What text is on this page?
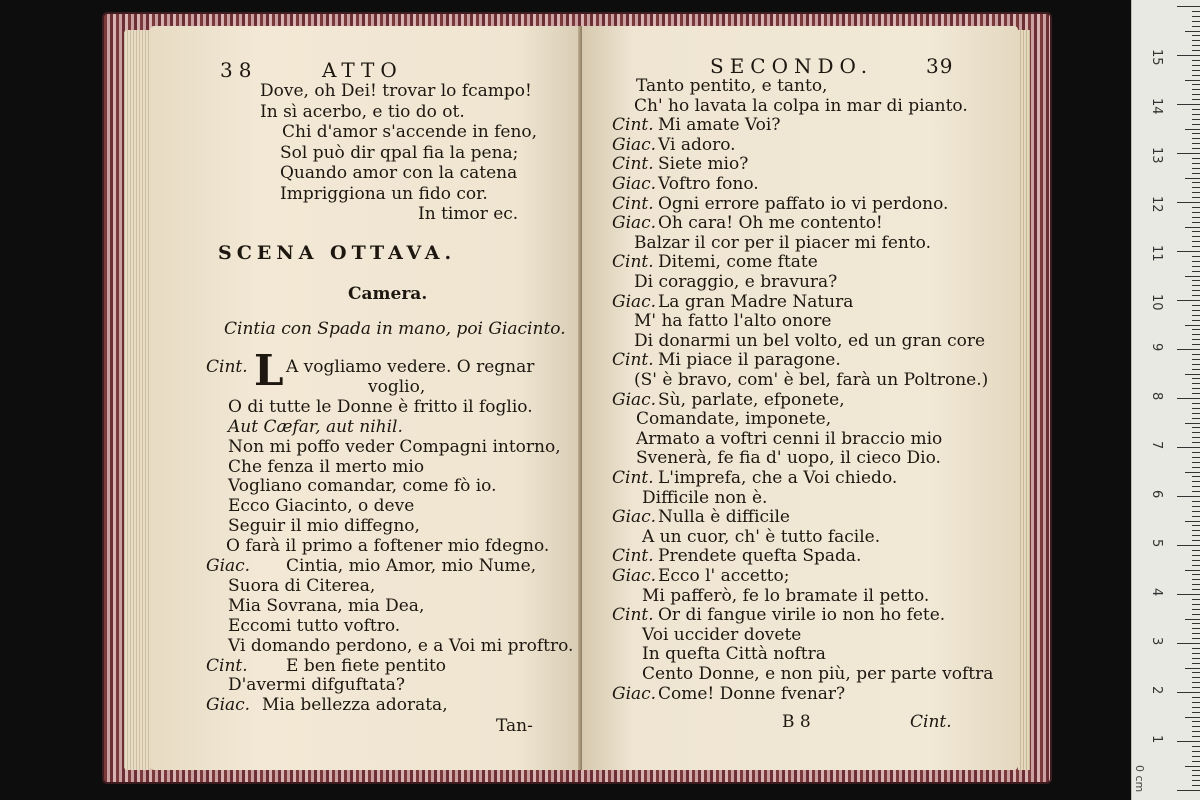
38	ATTO
Dove, oh Dei! trovar lo fcampo!
In sì acerbo, e tio do ot.
Chi d'amor s'accende in feno,
Sol può dir qpal fia la pena;
Quando amor con la catena
Impriggiona un fido cor.
In timor ec.
SCENA OTTAVA.
Camera.
Cintia con Spada in mano, poi Giacinto.
L
Cint. A vogliamo vedere. O regnar
voglio,
O di tutte le Donne è fritto il foglio.
Aut Cæfar, aut nihil.
Non mi poffo veder Compagni intorno,
Che fenza il merto mio
Vogliano comandar, come fò io.
Ecco Giacinto, o deve
Seguir il mio diffegno,
O farà il primo a foftener mio fdegno.
Giac. Cintia, mio Amor, mio Nume,
Suora di Citerea,
Mia Sovrana, mia Dea,
Eccomi tutto voftro.
Vi domando perdono, e a Voi mi proftro.
Cint. E ben fiete pentito
D'avermi difguftata?
Giac. Mia bellezza adorata,
Tan-
SECONDO.	39
Tanto pentito, e tanto,
Ch' ho lavata la colpa in mar di pianto.
Cint. Mi amate Voi?
Giac. Vi adoro.
Cint. Siete mio?
Giac. Voftro fono.
Cint. Ogni errore paffato io vi perdono.
Giac. Oh cara! Oh me contento!
Balzar il cor per il piacer mi fento.
Cint. Ditemi, come ftate
Di coraggio, e bravura?
Giac. La gran Madre Natura
M' ha fatto l'alto onore
Di donarmi un bel volto, ed un gran core
Cint. Mi piace il paragone.
(S' è bravo, com' è bel, farà un Poltrone.)
Giac. Sù, parlate, efponete,
Comandate, imponete,
Armato a voftri cenni il braccio mio
Svenerà, fe fia d' uopo, il cieco Dio.
Cint. L'imprefa, che a Voi chiedo.
Difficile non è.
Giac. Nulla è difficile
A un cuor, ch' è tutto facile.
Cint. Prendete quefta Spada.
Giac. Ecco l' accetto;
Mi pafferò, fe lo bramate il petto.
Cint. Or di fangue virile io non ho fete.
Voi uccider dovete
In quefta Città noftra
Cento Donne, e non più, per parte voftra
Giac. Come! Donne fvenar?
B 8	Cint.
0 cm
15
14
13
12
11
10
9
8
7
6
5
4
3
2
1
